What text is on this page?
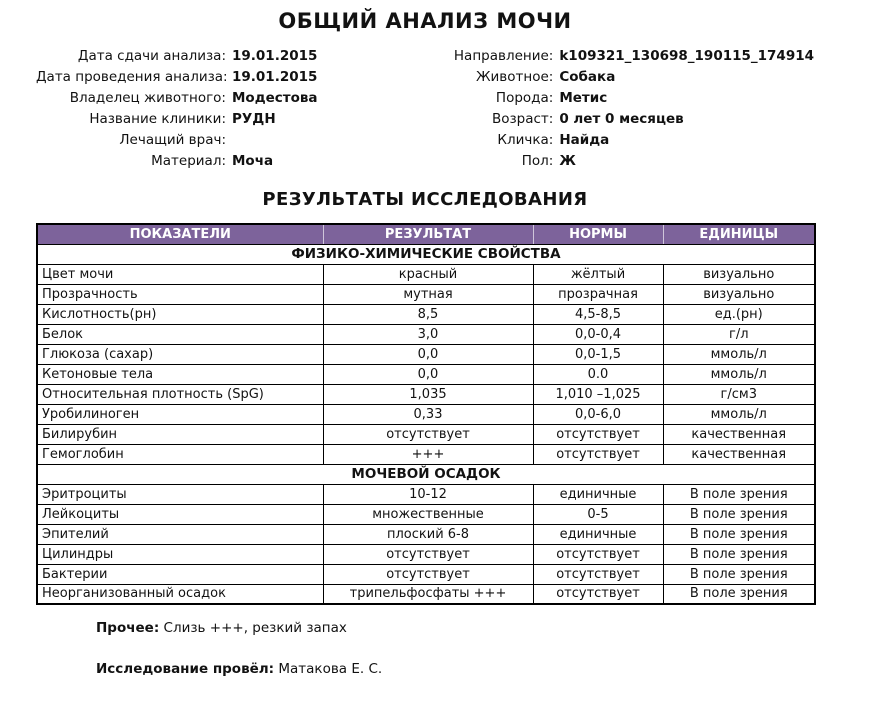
ОБЩИЙ АНАЛИЗ МОЧИ
Дата сдачи анализа: 19.01.2015
Дата проведения анализа: 19.01.2015
Владелец животного: Модестова
Название клиники: РУДН
Лечащий врач:
Материал: Моча
Направление: k109321_130698_190115_174914
Животное: Собака
Порода: Метис
Возраст: 0 лет 0 месяцев
Кличка: Найда
Пол: Ж
РЕЗУЛЬТАТЫ ИССЛЕДОВАНИЯ
ПОКАЗАТЕЛИ	РЕЗУЛЬТАТ	НОРМЫ	ЕДИНИЦЫ
ФИЗИКО-ХИМИЧЕСКИЕ СВОЙСТВА			
Цвет мочи	красный	жёлтый	визуально
Прозрачность	мутная	прозрачная	визуально
Кислотность(рн)	8,5	4,5-8,5	ед.(рн)
Белок	3,0	0,0-0,4	г/л
Глюкоза (сахар)	0,0	0,0-1,5	ммоль/л
Кетоновые тела	0,0	0.0	ммоль/л
Относительная плотность (SpG)	1,035	1,010 –1,025	г/см3
Уробилиноген	0,33	0,0-6,0	ммоль/л
Билирубин	отсутствует	отсутствует	качественная
Гемоглобин	+++	отсутствует	качественная
МОЧЕВОЙ ОСАДОК			
Эритроциты	10-12	единичные	В поле зрения
Лейкоциты	множественные	0-5	В поле зрения
Эпителий	плоский 6-8	единичные	В поле зрения
Цилиндры	отсутствует	отсутствует	В поле зрения
Бактерии	отсутствует	отсутствует	В поле зрения
Неорганизованный осадок	трипельфосфаты +++	отсутствует	В поле зрения
Прочее: Слизь +++, резкий запах
Исследование провёл: Матакова Е. С.
